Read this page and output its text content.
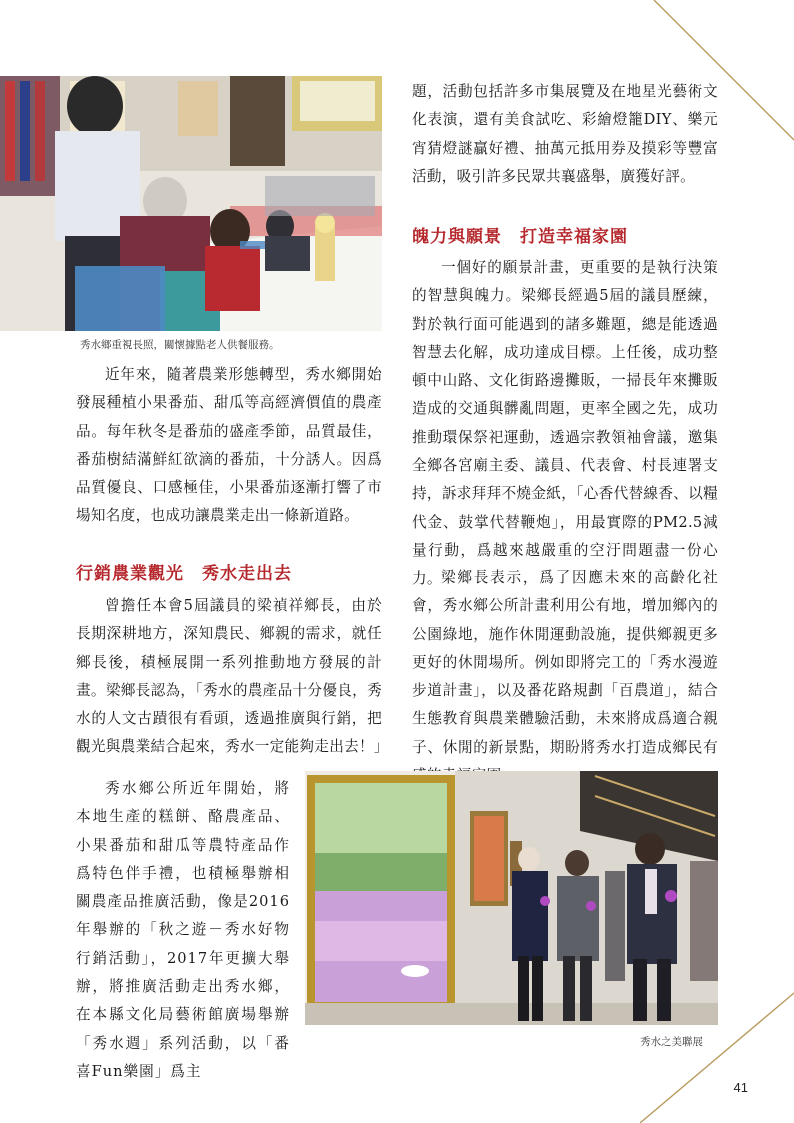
秀水鄉重視長照，關懷據點老人供餐服務。

近年來，隨著農業形態轉型，秀水鄉開始發展種植小果番茄、甜瓜等高經濟價值的農產品。每年秋冬是番茄的盛產季節，品質最佳，番茄樹結滿鮮紅欲滴的番茄，十分誘人。因爲品質優良、口感極佳，小果番茄逐漸打響了市場知名度，也成功讓農業走出一條新道路。

行銷農業觀光　秀水走出去

曾擔任本會5屆議員的梁禎祥鄉長，由於長期深耕地方，深知農民、鄉親的需求，就任鄉長後，積極展開一系列推動地方發展的計畫。梁鄉長認為，「秀水的農產品十分優良，秀水的人文古蹟很有看頭，透過推廣與行銷，把觀光與農業結合起來，秀水一定能夠走出去！」

秀水鄉公所近年開始，將本地生產的糕餅、酪農產品、小果番茄和甜瓜等農特產品作爲特色伴手禮，也積極舉辦相關農產品推廣活動，像是2016年舉辦的「秋之遊－秀水好物行銷活動」，2017年更擴大舉辦，將推廣活動走出秀水鄉，在本縣文化局藝術館廣場舉辦「秀水週」系列活動，以「番喜Fun樂園」爲主

題，活動包括許多市集展覽及在地星光藝術文化表演，還有美食試吃、彩繪燈籠DIY、樂元宵猜燈謎贏好禮、抽萬元抵用券及摸彩等豐富活動，吸引許多民眾共襄盛舉，廣獲好評。

魄力與願景　打造幸福家園

一個好的願景計畫，更重要的是執行決策的智慧與魄力。梁鄉長經過5屆的議員歷練，對於執行面可能遇到的諸多難題，總是能透過智慧去化解，成功達成目標。上任後，成功整頓中山路、文化街路邊攤販，一掃長年來攤販造成的交通與髒亂問題，更率全國之先，成功推動環保祭祀運動，透過宗教領袖會議，邀集全鄉各宮廟主委、議員、代表會、村長連署支持，訴求拜拜不燒金紙，「心香代替線香、以糧代金、鼓掌代替鞭炮」，用最實際的PM2.5減量行動，爲越來越嚴重的空汙問題盡一份心力。 梁鄉長表示，爲了因應未來的高齡化社會，秀水鄉公所計畫利用公有地，增加鄉內的公園綠地，施作休閒運動設施，提供鄉親更多更好的休閒場所。例如即將完工的「秀水漫遊步道計畫」，以及番花路規劃「百農道」，結合生態教育與農業體驗活動，未來將成爲適合親子、休閒的新景點，期盼將秀水打造成鄉民有

秀水之美聯展

41
